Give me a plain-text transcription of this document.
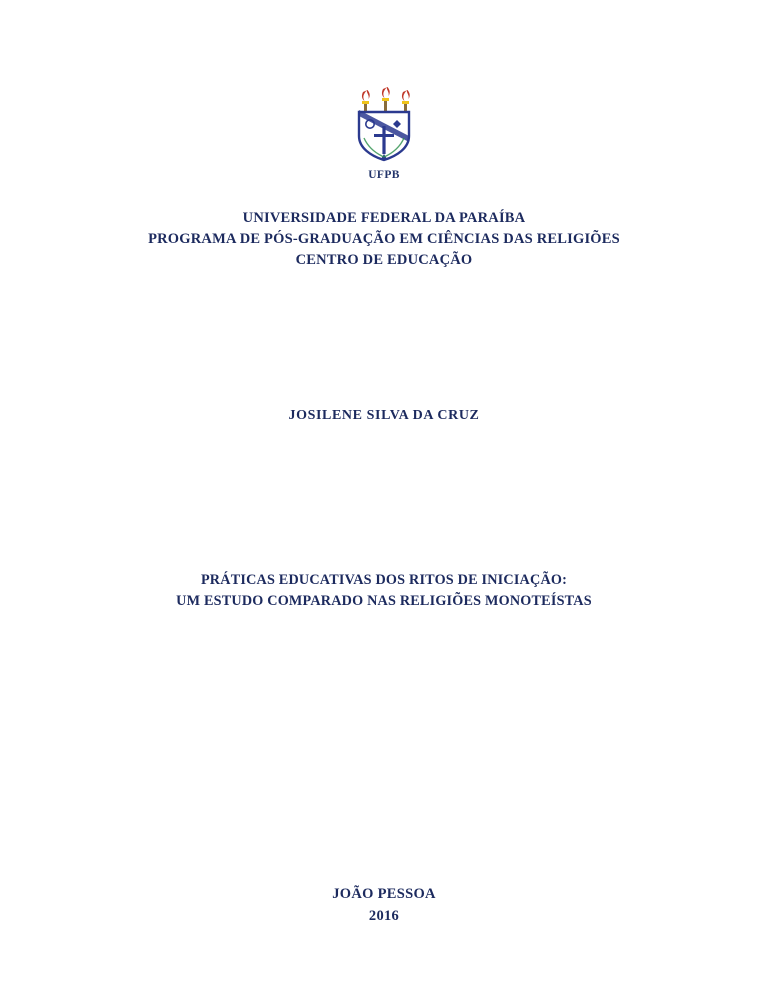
UFPB
UNIVERSIDADE FEDERAL DA PARAÍBA
PROGRAMA DE PÓS-GRADUAÇÃO EM CIÊNCIAS DAS RELIGIÕES
CENTRO DE EDUCAÇÃO
JOSILENE SILVA DA CRUZ
PRÁTICAS EDUCATIVAS DOS RITOS DE INICIAÇÃO:
UM ESTUDO COMPARADO NAS RELIGIÕES MONOTEÍSTAS
JOÃO PESSOA
2016
